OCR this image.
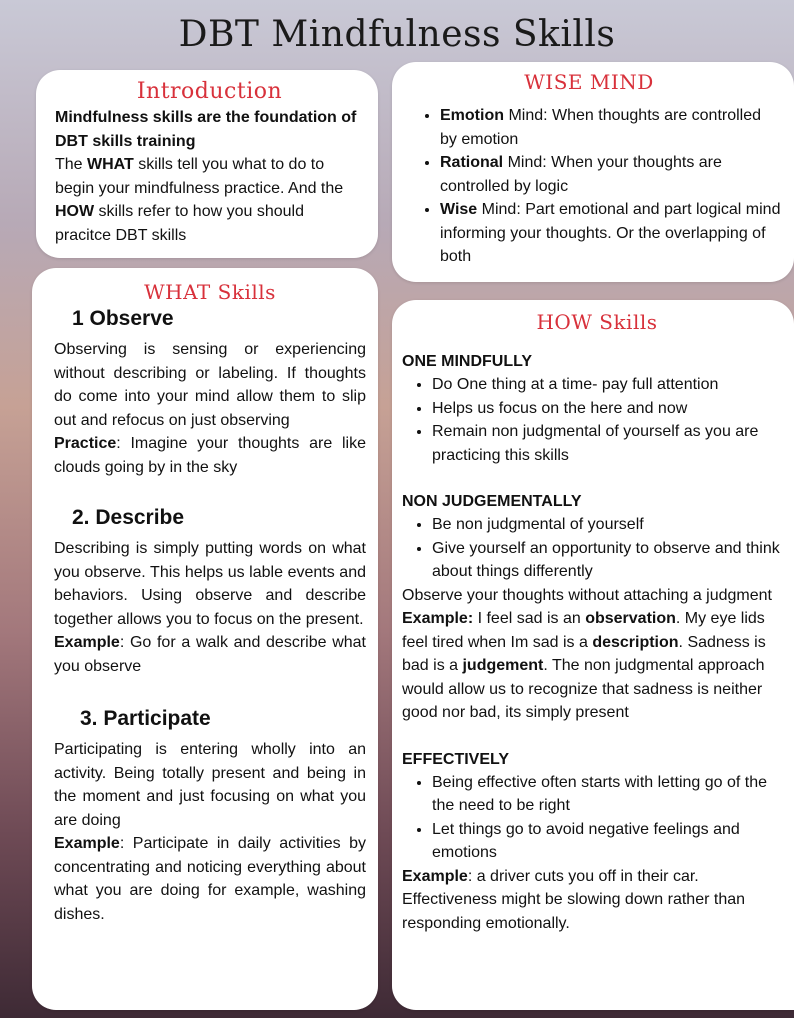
DBT Mindfulness Skills
Introduction
Mindfulness skills are the foundation of DBT skills training
The WHAT skills tell you what to do to begin your mindfulness practice. And the HOW skills refer to how you should pracitce DBT skills
WISE MIND
• Emotion Mind: When thoughts are controlled by emotion
• Rational Mind: When your thoughts are controlled by logic
• Wise Mind: Part emotional and part logical mind informing your thoughts. Or the overlapping of both
WHAT Skills
1 Observe
Observing is sensing or experiencing without describing or labeling. If thoughts do come into your mind allow them to slip out and refocus on just observing
Practice: Imagine your thoughts are like clouds going by in the sky
2. Describe
Describing is simply putting words on what you observe. This helps us lable events and behaviors. Using observe and describe together allows you to focus on the present.
Example: Go for a walk and describe what you observe
3. Participate
Participating is entering wholly into an activity. Being totally present and being in the moment and just focusing on what you are doing
Example: Participate in daily activities by concentrating and noticing everything about what you are doing for example, washing dishes.
HOW Skills
ONE MINDFULLY
• Do One thing at a time- pay full attention
• Helps us focus on the here and now
• Remain non judgmental of yourself as you are practicing this skills
NON JUDGEMENTALLY
• Be non judgmental of yourself
• Give yourself an opportunity to observe and think about things differently
Observe your thoughts without attaching a judgment
Example: I feel sad is an observation. My eye lids feel tired when Im sad is a description. Sadness is bad is a judgement. The non judgmental approach would allow us to recognize that sadness is neither good nor bad, its simply present
EFFECTIVELY
• Being effective often starts with letting go of the the need to be right
• Let things go to avoid negative feelings and emotions
Example: a driver cuts you off in their car. Effectiveness might be slowing down rather than responding emotionally.
